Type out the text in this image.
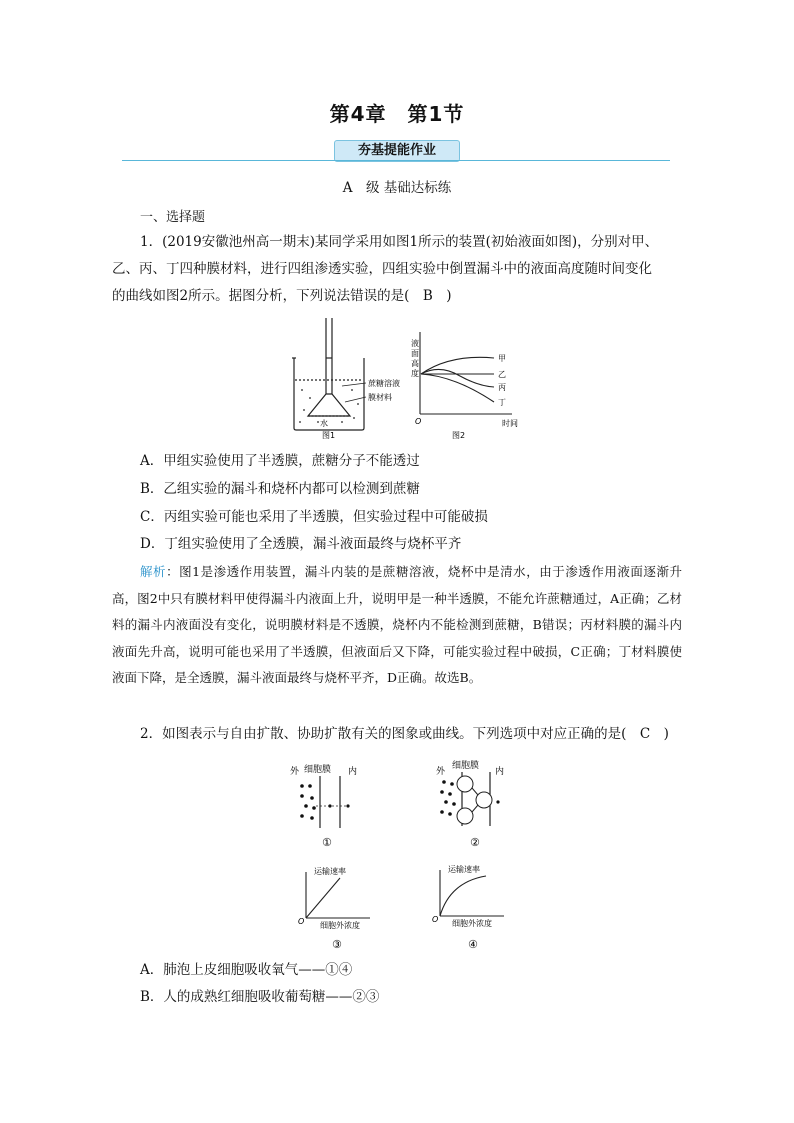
第4章　第1节
夯基提能作业
A　级 基础达标练
一、选择题
1．(2019安徽池州高一期末)某同学采用如图1所示的装置(初始液面如图)，分别对甲、
乙、丙、丁四种膜材料，进行四组渗透实验，四组实验中倒置漏斗中的液面高度随时间变化
的曲线如图2所示。据图分析，下列说法错误的是(　B　)
蔗糖溶液
膜材料
水
图1
液
面
高
度
O	时间
甲
乙
丙
丁
图2
A．甲组实验使用了半透膜，蔗糖分子不能透过
B．乙组实验的漏斗和烧杯内都可以检测到蔗糖
C．丙组实验可能也采用了半透膜，但实验过程中可能破损
D．丁组实验使用了全透膜，漏斗液面最终与烧杯平齐
解析：图1是渗透作用装置，漏斗内装的是蔗糖溶液，烧杯中是清水，由于渗透作用液面逐渐升高，图2中只有膜材料甲使得漏斗内液面上升，说明甲是一种半透膜，不能允许蔗糖通过，A正确；乙材料的漏斗内液面没有变化，说明膜材料是不透膜，烧杯内不能检测到蔗糖，B错误；丙材料膜的漏斗内液面先升高，说明可能也采用了半透膜，但液面后又下降，可能实验过程中破损，C正确；丁材料膜使液面下降，是全透膜，漏斗液面最终与烧杯平齐，D正确。故选B。
2．如图表示与自由扩散、协助扩散有关的图象或曲线。下列选项中对应正确的是(　C　)
细胞膜
外	内
①
细胞膜
外	内
②
运输速率
O 细胞外浓度
③
运输速率
O 细胞外浓度
④
A．肺泡上皮细胞吸收氧气——①④
B．人的成熟红细胞吸收葡萄糖——②③
